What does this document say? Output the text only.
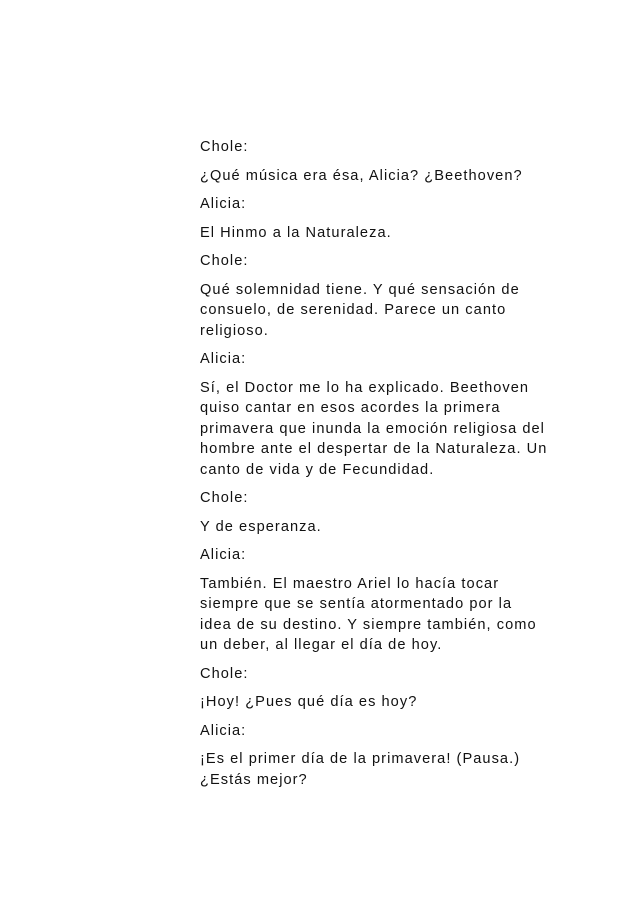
Chole:

¿Qué música era ésa, Alicia? ¿Beethoven?

Alicia:

El Hinmo a la Naturaleza.

Chole:

Qué solemnidad tiene. Y qué sensación de
consuelo, de serenidad. Parece un canto
religioso.

Alicia:

Sí, el Doctor me lo ha explicado. Beethoven
quiso cantar en esos acordes la primera
primavera que inunda la emoción religiosa del
hombre ante el despertar de la Naturaleza. Un
canto de vida y de Fecundidad.

Chole:

Y de esperanza.

Alicia:

También. El maestro Ariel lo hacía tocar
siempre que se sentía atormentado por la
idea de su destino. Y siempre también, como
un deber, al llegar el día de hoy.

Chole:

¡Hoy! ¿Pues qué día es hoy?

Alicia:

¡Es el primer día de la primavera! (Pausa.)
¿Estás mejor?
